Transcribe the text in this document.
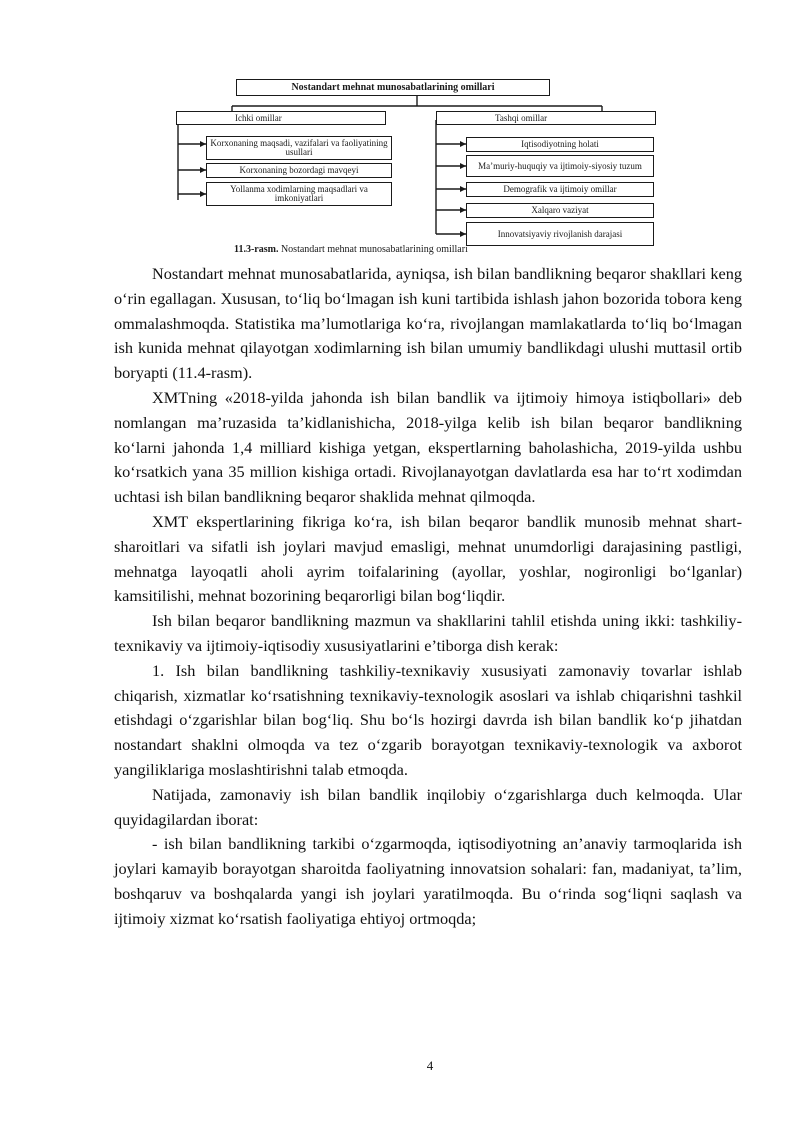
Nostandart mehnat munosabatlarining omillari
Ichki omillar	Tashqi omillar
Korxonaning maqsadi, vazifalari va faoliyatining usullari
Korxonaning bozordagi mavqeyi
Yollanma xodimlarning maqsadlari va imkoniyatlari
Iqtisodiyotning holati
Ma’muriy-huquqiy va ijtimoiy-siyosiy tuzum
Demografik va ijtimoiy omillar
Xalqaro vaziyat
Innovatsiyaviy rivojlanish darajasi
11.3-rasm. Nostandart mehnat munosabatlarining omillari

Nostandart mehnat munosabatlarida, ayniqsa, ish bilan bandlikning beqaror shakllari keng o‘rin egallagan. Xususan, to‘liq bo‘lmagan ish kuni tartibida ishlash jahon bozorida tobora keng ommalashmoqda. Statistika ma’lumotlariga ko‘ra, rivojlangan mamlakatlarda to‘liq bo‘lmagan ish kunida mehnat qilayotgan xodimlarning ish bilan umumiy bandlikdagi ulushi muttasil ortib boryapti (11.4-rasm).

XMTning «2018-yilda jahonda ish bilan bandlik va ijtimoiy himoya istiqbollari» deb nomlangan ma’ruzasida ta’kidlanishicha, 2018-yilga kelib ish bilan beqaror bandlikning ko‘larni jahonda 1,4 milliard kishiga yetgan, ekspertlarning baholashicha, 2019-yilda ushbu ko‘rsatkich yana 35 million kishiga ortadi. Rivojlanayotgan davlatlarda esa har to‘rt xodimdan uchtasi ish bilan bandlikning beqaror shaklida mehnat qilmoqda.

XMT ekspertlarining fikriga ko‘ra, ish bilan beqaror bandlik munosib mehnat shart-sharoitlari va sifatli ish joylari mavjud emasligi, mehnat unumdorligi darajasining pastligi, mehnatga layoqatli aholi ayrim toifalarining (ayollar, yoshlar, nogironligi bo‘lganlar) kamsitilishi, mehnat bozorining beqarorligi bilan bog‘liqdir.

Ish bilan beqaror bandlikning mazmun va shakllarini tahlil etishda uning ikki: tashkiliy-texnikaviy va ijtimoiy-iqtisodiy xususiyatlarini e’tiborga dish kerak:

1. Ish bilan bandlikning tashkiliy-texnikaviy xususiyati zamonaviy tovarlar ishlab chiqarish, xizmatlar ko‘rsatishning texnikaviy-texnologik asoslari va ishlab chiqarishni tashkil etishdagi o‘zgarishlar bilan bog‘liq. Shu bo‘ls hozirgi davrda ish bilan bandlik ko‘p jihatdan nostandart shaklni olmoqda va tez o‘zgarib borayotgan texnikaviy-texnologik va axborot yangiliklariga moslashtirishni talab etmoqda.

Natijada, zamonaviy ish bilan bandlik inqilobiy o‘zgarishlarga duch kelmoqda. Ular quyidagilardan iborat:

- ish bilan bandlikning tarkibi o‘zgarmoqda, iqtisodiyotning an’anaviy tarmoqlarida ish joylari kamayib borayotgan sharoitda faoliyatning innovatsion sohalari: fan, madaniyat, ta’lim, boshqaruv va boshqalarda yangi ish joylari yaratilmoqda. Bu o‘rinda sog‘liqni saqlash va ijtimoiy xizmat ko‘rsatish faoliyatiga ehtiyoj ortmoqda;

4
